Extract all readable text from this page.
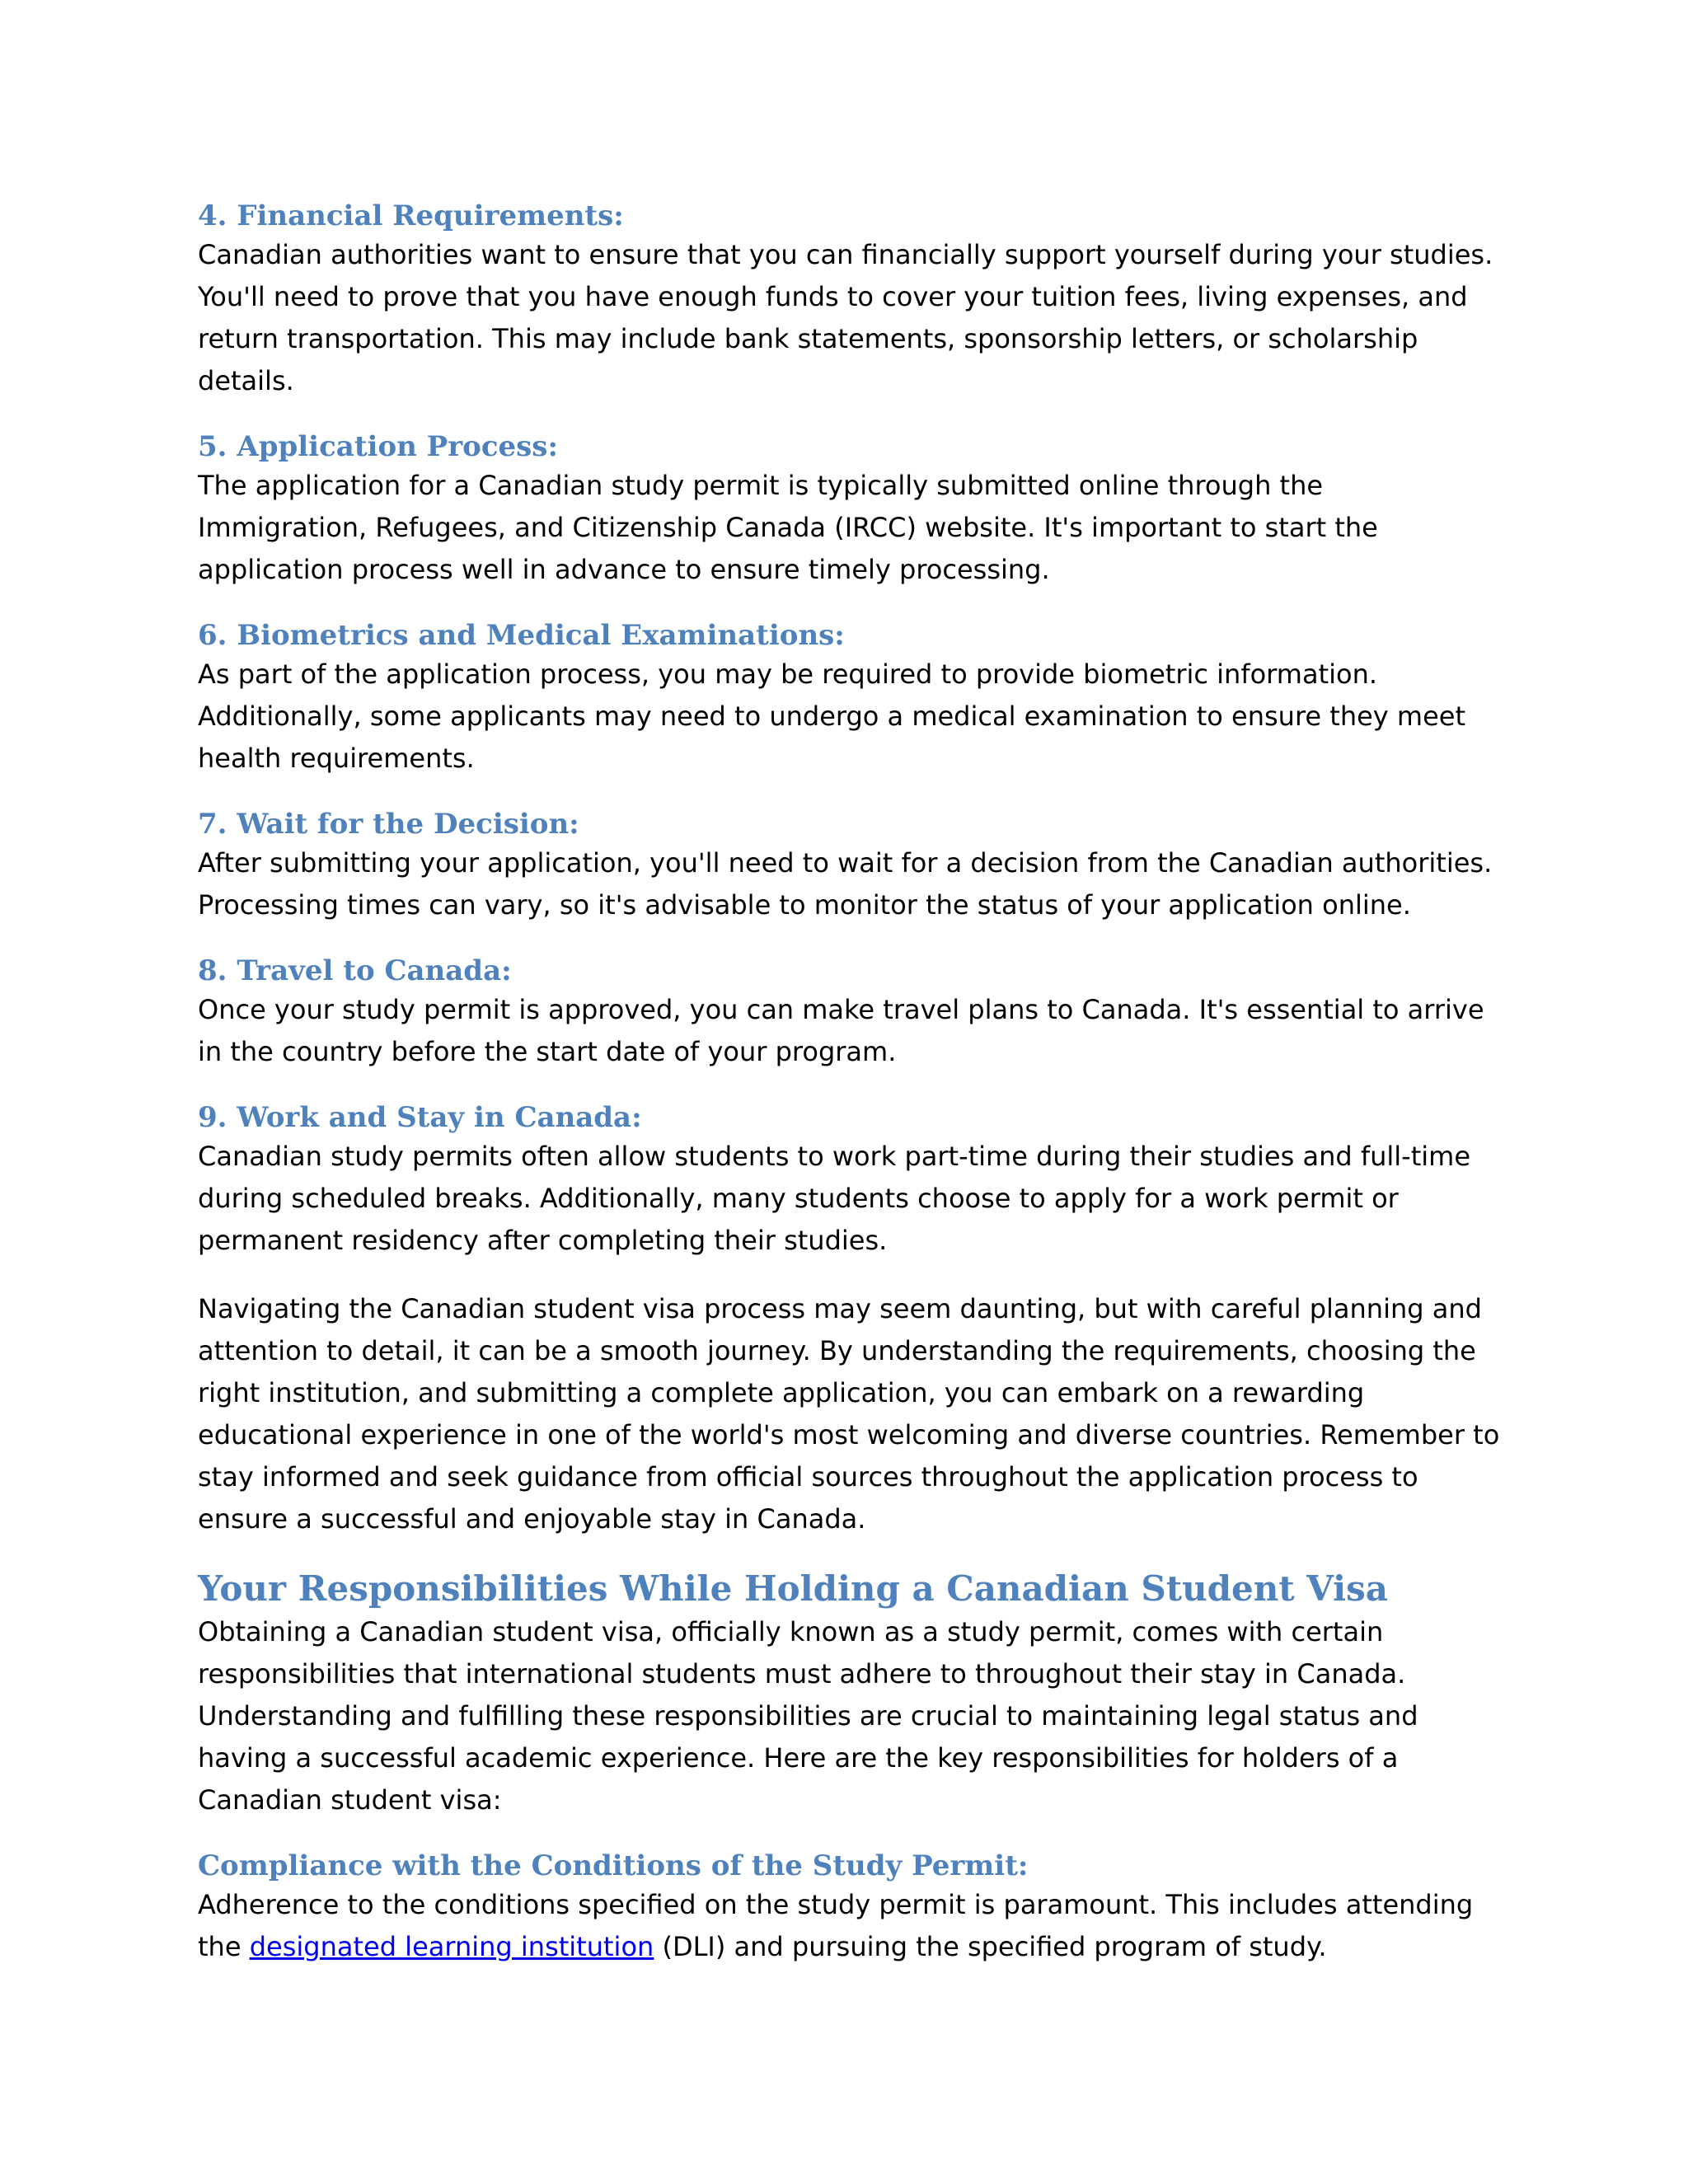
4. Financial Requirements:

Canadian authorities want to ensure that you can financially support yourself during your studies. You'll need to prove that you have enough funds to cover your tuition fees, living expenses, and return transportation. This may include bank statements, sponsorship letters, or scholarship details.

5. Application Process:

The application for a Canadian study permit is typically submitted online through the Immigration, Refugees, and Citizenship Canada (IRCC) website. It's important to start the application process well in advance to ensure timely processing.

6. Biometrics and Medical Examinations:

As part of the application process, you may be required to provide biometric information. Additionally, some applicants may need to undergo a medical examination to ensure they meet health requirements.

7. Wait for the Decision:

After submitting your application, you'll need to wait for a decision from the Canadian authorities. Processing times can vary, so it's advisable to monitor the status of your application online.

8. Travel to Canada:

Once your study permit is approved, you can make travel plans to Canada. It's essential to arrive in the country before the start date of your program.

9. Work and Stay in Canada:

Canadian study permits often allow students to work part-time during their studies and full-time during scheduled breaks. Additionally, many students choose to apply for a work permit or permanent residency after completing their studies.

Navigating the Canadian student visa process may seem daunting, but with careful planning and attention to detail, it can be a smooth journey. By understanding the requirements, choosing the right institution, and submitting a complete application, you can embark on a rewarding educational experience in one of the world's most welcoming and diverse countries. Remember to stay informed and seek guidance from official sources throughout the application process to ensure a successful and enjoyable stay in Canada.

Your Responsibilities While Holding a Canadian Student Visa

Obtaining a Canadian student visa, officially known as a study permit, comes with certain responsibilities that international students must adhere to throughout their stay in Canada. Understanding and fulfilling these responsibilities are crucial to maintaining legal status and having a successful academic experience. Here are the key responsibilities for holders of a Canadian student visa:

Compliance with the Conditions of the Study Permit:

Adherence to the conditions specified on the study permit is paramount. This includes attending the designated learning institution (DLI) and pursuing the specified program of study.
